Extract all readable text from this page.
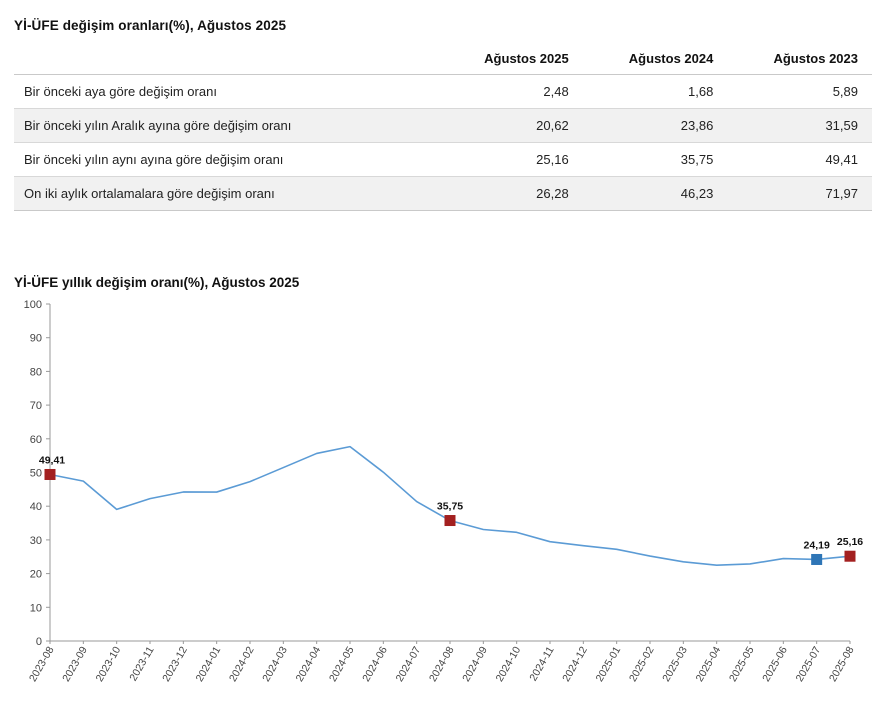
Yİ-ÜFE değişim oranları(%), Ağustos 2025
	Ağustos 2025	Ağustos 2024	Ağustos 2023
Bir önceki aya göre değişim oranı	2,48	1,68	5,89
Bir önceki yılın Aralık ayına göre değişim oranı	20,62	23,86	31,59
Bir önceki yılın aynı ayına göre değişim oranı	25,16	35,75	49,41
On iki aylık ortalamalara göre değişim oranı	26,28	46,23	71,97
Yİ-ÜFE yıllık değişim oranı(%), Ağustos 2025
0
10
20
30
40
50
60
70
80
90
100
2023-08 2023-09 2023-10 2023-11 2023-12 2024-01 2024-02 2024-03 2024-04 2024-05 2024-06 2024-07 2024-08 2024-09 2024-10 2024-11 2024-12 2025-01 2025-02 2025-03 2025-04 2025-05 2025-06 2025-07 2025-08
49,41
35,75
24,19 25,16
